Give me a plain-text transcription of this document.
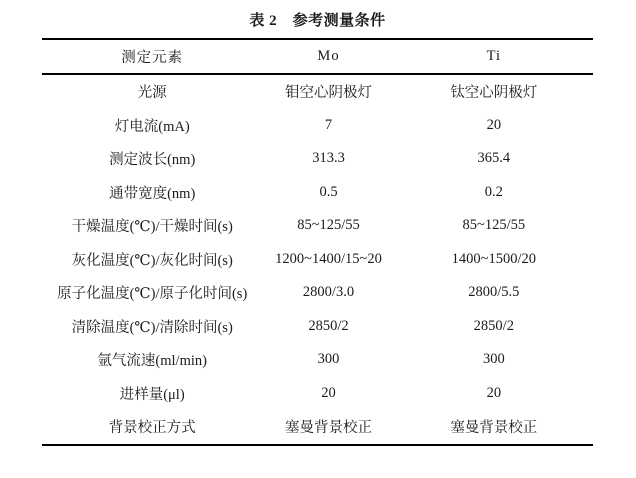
表 2　参考测量条件
测定元素	Mo	Ti
光源	钼空心阴极灯	钛空心阴极灯
灯电流(mA)	7	20
测定波长(nm)	313.3	365.4
通带宽度(nm)	0.5	0.2
干燥温度(℃)/干燥时间(s)	85~125/55	85~125/55
灰化温度(℃)/灰化时间(s)	1200~1400/15~20	1400~1500/20
原子化温度(℃)/原子化时间(s)	2800/3.0	2800/5.5
清除温度(℃)/清除时间(s)	2850/2	2850/2
氩气流速(ml/min)	300	300
进样量(μl)	20	20
背景校正方式	塞曼背景校正	塞曼背景校正
